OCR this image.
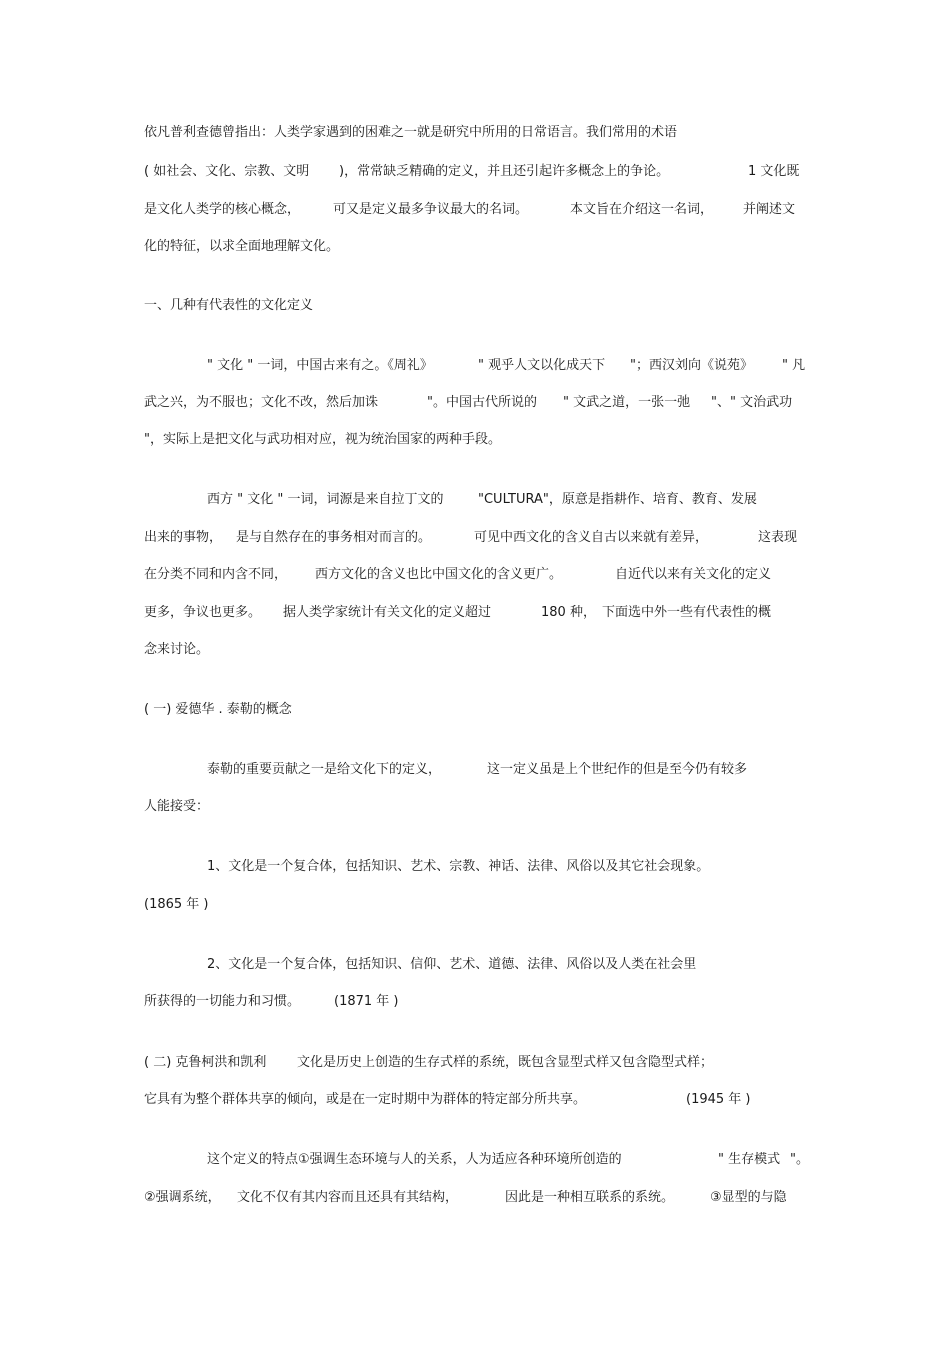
依凡普利查德曾指出：人类学家遇到的困难之一就是研究中所用的日常语言。我们常用的术语

( 如社会、文化、宗教、文明 )，常常缺乏精确的定义，并且还引起许多概念上的争论。	1 文化既

是文化人类学的核心概念，	可又是定义最多争议最大的名词。	本文旨在介绍这一名词， 并阐述文

化的特征，以求全面地理解文化。

一、几种有代表性的文化定义

" 文化 " 一词，中国古来有之。《周礼》	" 观乎人文以化成天下 "；西汉刘向《说苑》 " 凡

武之兴，为不服也；文化不改，然后加诛	"。中国古代所说的 " 文武之道，一张一弛 "、" 文治武功

"，实际上是把文化与武功相对应，视为统治国家的两种手段。

西方 " 文化 " 一词，词源是来自拉丁文的	"CULTURA"，原意是指耕作、培育、教育、发展

出来的事物， 是与自然存在的事务相对而言的。	可见中西文化的含义自古以来就有差异，	这表现

在分类不同和内含不同， 西方文化的含义也比中国文化的含义更广。	自近代以来有关文化的定义

更多，争议也更多。 据人类学家统计有关文化的定义超过	180 种， 下面选中外一些有代表性的概

念来讨论。

( 一) 爱德华 . 泰勒的概念

泰勒的重要贡献之一是给文化下的定义，	这一定义虽是上个世纪作的但是至今仍有较多

人能接受：

1、文化是一个复合体，包括知识、艺术、宗教、神话、法律、风俗以及其它社会现象。

(1865 年 )

2、文化是一个复合体，包括知识、信仰、艺术、道德、法律、风俗以及人类在社会里

所获得的一切能力和习惯。	(1871 年 )

( 二) 克鲁柯洪和凯利 文化是历史上创造的生存式样的系统，既包含显型式样又包含隐型式样；

它具有为整个群体共享的倾向，或是在一定时期中为群体的特定部分所共享。	(1945 年 )

这个定义的特点①强调生态环境与人的关系，人为适应各种环境所创造的	" 生存模式 "。

②强调系统， 文化不仅有其内容而且还具有其结构，	因此是一种相互联系的系统。	③显型的与隐
